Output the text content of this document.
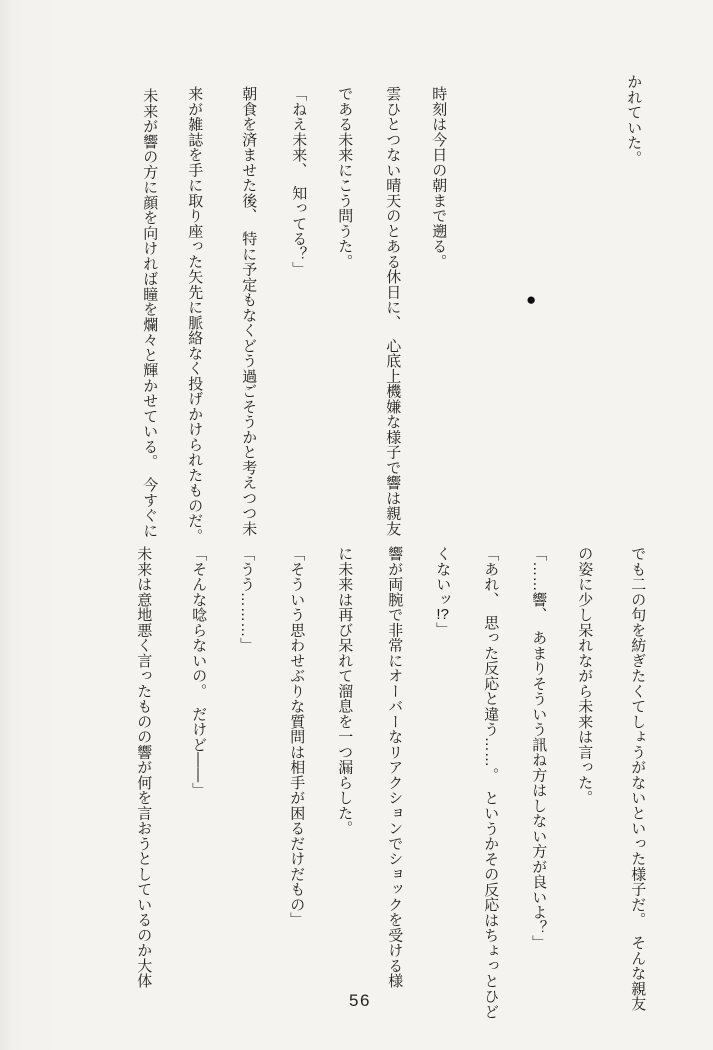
かれていた。
時刻は今日の朝まで遡る。
雲ひとつない晴天のとある休日に、　心底上機嫌な様子で響は親友
である未来にこう問うた。
「ねえ未来、　知ってる？」
朝食を済ませた後、　特に予定もなくどう過ごそうかと考えつつ未
来が雑誌を手に取り座った矢先に脈絡なく投げかけられたものだ。
未来が響の方に顔を向ければ瞳を爛々と輝かせている。　今すぐに	●
でも二の句を紡ぎたくてしょうがないといった様子だ。　そんな親友
の姿に少し呆れながら未来は言った。
「……響、　あまりそういう訊ね方はしない方が良いよ？」
「あれ、　思った反応と違う……。　というかその反応はちょっとひど
くないッ!?」
響が両腕で非常にオーバーなリアクションでショックを受ける様
に未来は再び呆れて溜息を一つ漏らした。
「そういう思わせぶりな質問は相手が困るだけだもの」
「うう………」
「そんな唸らないの。　だけど――」
未来は意地悪く言ったものの響が何を言おうとしているのか大体
56
